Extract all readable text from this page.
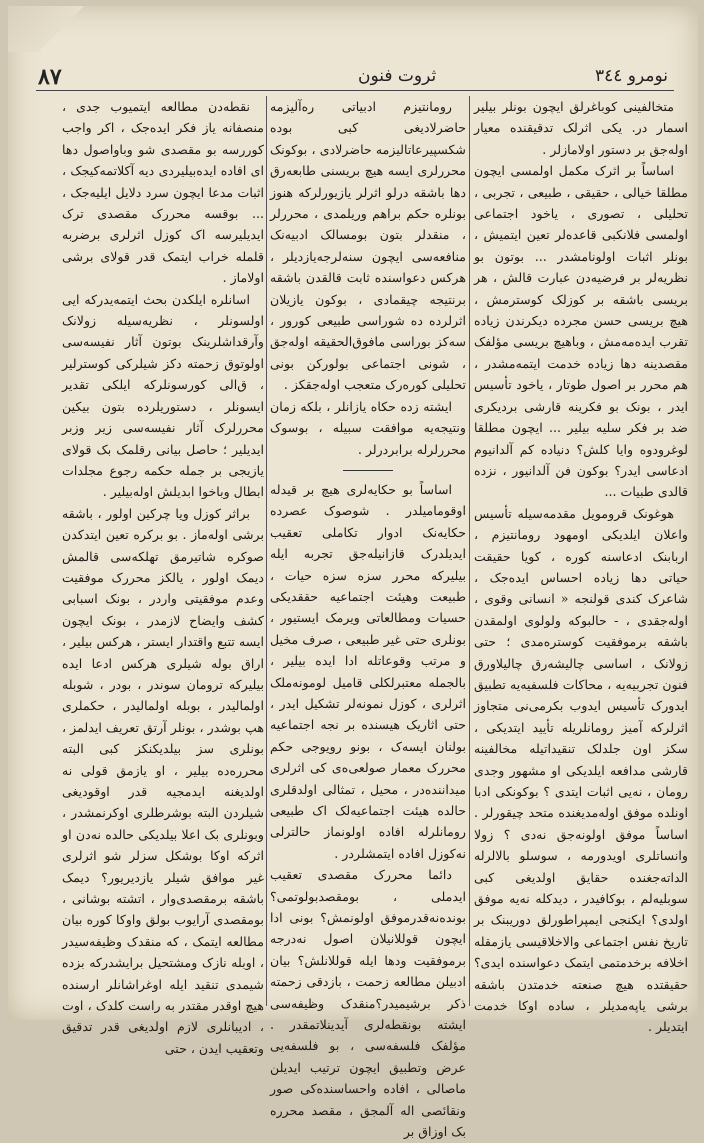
٨٧	ثروت فنون	نومرو ٣٤٤

متخالفینی کوباغرلق ایچون بونلر بیلیر اسمار در. یکی اثرلک تدقیقنده معیار اوله‌جق بر دستور اولامازلر .

اساساً بر اثرک مکمل اولمسی ایچون مطلقا خیالی ، حقیقی ، طبیعی ، تجربی ، تحلیلی ، تصوری ، یاخود اجتماعی اولمسی فلانکبی قاعده‌لر تعین ایتمیش ، بونلر اثبات اولونامشدر ... بوتون بو نظریه‌لر بر فرضیه‌دن عبارت قالش ، هر بریسی باشقه بر کوزلک کوسترمش ، هیچ بریسی حسن مجرده دیکرندن زیاده تقرب ایده‌مه‌مش ، وباهیچ بریسی مؤلفک مقصدینه دها زیاده خدمت ایتمه‌مشدر ، هم محرر بر اصول طوتار ، یاخود تأسیس ایدر ، بونک بو فکرینه قارشی بردیکری ضد بر فکر سلیه بیلیر ... ایچون مطلقا لوغرودوه وایا کلش؟ دنیاده کم آلدانیوم ادعاسی ایدر؟ بوکون فن آلدانیور ، نزده قالدی طبیات ...

هوغونک قرومویل مقدمه‌سیله تأسیس واعلان ایلدیکی اومهود رومانتیزم ، اربابنک ادعاسنه کوره ، کویا حقیقت حیاتی دها زیاده احساس ایده‌جک ، شاعرک کندی قولنجه « انسانی وقوی ، اوله‌جقدی ، - حالبوکه ولولوی اولمقدن باشقه برموفقیت کوستره‌مدی ؛ حتی زولانک ، اساسی چالیشه‌رق چالیلاورق فنون تجربیه‌یه ، محاکات فلسفیه‌یه تطبیق ایدورک تأسیس ایدوب بکرمی‌نی متجاوز اثرلرکه آمیز رومانلریله تأیید ایتدیکی ، سکز اون جلدلک تنقیداتیله مخالفینه قارشی مدافعه ایلدیکی او مشهور وجدی رومان ، نه‌یی اثبات ایتدی ؟ بوکونکی ادبا اونلده موفق اوله‌مدیغنده متحد چیقورلر . اساساً موفق اولونه‌جق نه‌دی ؟ زولا وانساتلری اویدورمه ، سوسلو بالالرله الداته‌جغنده حقایق اولدیغی کبی سوبلیه‌لم ، بوکافیدر ، دیدکله نه‌یه موفق اولدی؟ ایکنجی ایمپراطورلق دوریبنک بر تاریخ نفس اجتماعی والاخلاقیسی یازمقله اخلافه برخدمتمی ایتمک دعواسنده ایدی؟ حقیقتده هیچ صنعته خدمتدن باشقه برشی یاپه‌مدیلر ، ساده اوکا خدمت ایتدیلر .

رومانتیزم ادبیاتی رەآلیزمه حاضرلادیغی کبی بوده شکسپیرعاتالیزمه حاضرلادی ، بوکونک محررلری ایسه هیچ بریسنی طابعه‌رق دها باشقه درلو اثرلر یازیورلرکه هنوز بونلره حکم براهم وریلمدی ، محررلر ، منقدلر بتون بومسالک ادبیه‌نک منافعه‌سی ایچون سنه‌لرجه‌یازدیلر ، هرکس دعواسنده ثابت قالقدن باشقه برنتیجه چیقمادی ، بوکون یازیلان اثرلرده ده شوراسی طبیعی کورور ، سه‌کز بوراسی مافوق‌الحقیقه اوله‌جق ، شونی اجتماعی بولورکن بونی تحلیلی کوره‌رک متعجب اوله‌جقکز .

ایشته زده حکاه یازانلر ، بلکه زمان ونتیجه‌یه موافقت سبیله ، بوسوک محررلرله برابردرلر .

اساساً بو حکایه‌لری هیچ بر قیدله اوقومامیلدر . شوصوک عصرده حکایه‌نک ادوار تکاملی تعقیب ایدیلدرک قازانیله‌جق تجربه ایله بیلیرکه محرر سزه سزه حیات ، طبیعت وهیئت اجتماعیه حققدیکی حسیات ومطالعاتی ویرمک ایستیور ، بونلری حتی غیر طبیعی ، صرف مخیل و مرتب وقوعاتله ادا ایده بیلیر ، بالجمله معتبرلکلی قامیل لومونه‌ملک اثرلری ، کوزل نمونه‌لر تشکیل ایدر ، حتی اثاریک هیسنده بر نجه اجتماعیه بولنان ایسه‌ک ، بونو رویوجی حکم محررک معمار صولعی‌ه‌ی کی اثرلری میداننده‌در ، محیل ، تمثالی اولدقلری حالده هیئت اجتماعیه‌لک اک طبیعی رومانلرله افاده اولونماز حالترلی نه‌کوزل افاده ایتمشلردر .

دائما محررک مقصدی تعقیب ایدملی ، بومقصدبولوتمی؟ بونده‌نه‌قدرموفق اولونمش؟ بونی ادا ایچون قوللانیلان اصول نه‌درجه برموفقیت ودها ایله قوللانلش؟ بیان ادبیلن مطالعه زحمت ، بازدقی زحمته ذکر برشیمیدر؟منقدک وظیفه‌سی ایشته بونقطه‌لری آیدینلاتمقدر . مؤلفک فلسفه‌سی ، بو فلسفه‌یی عرض وتطبیق ایچون ترتیب ایدیلن ماصالی ، افاده واحساسنده‌کی صور ونقائصی اله آلمجق ، مقصد محرره بک اوزاق بر

نقطه‌دن مطالعه ایتمیوب جدی ، منصفانه یاز فکر ایده‌جک ، اکر واجب کوررسه بو مقصدی شو وباواصول دها ای افاده ایده‌بیلیردی دیه آکلاتمه‌کیجک ، اثبات مدعا ایچون سرد دلایل ایلیه‌جک ، ... بوقسه محررک مقصدی ترک ایدیلیرسه اک کوزل اثرلری برضربه قلمله خراب ایتمک قدر قولای برشی اولاماز .

اسانلره ایلکدن بحث ایتمه‌یدرکه ایی اولسونلر ، نظریه‌سیله زولانک وآرقداشلرینک بوتون آثار نفیسه‌سی اولوتوق زحمته دکز شیلرکی کوسترلیر ، ق‌الی کورسونلرکه ایلکی تقدیر ایسونلر ، دستوریلرده بتون بیکین محررلرک آثار نفیسه‌سی زیر وزبر ایدیلیر ؛ حاصل بیانی رقلمک بک قولای یازیجی بر جمله حکمه رجوع مجلدات ابطال وباخوا ابدیلش اوله‌بیلیر .

براثر کوزل ویا چرکین اولور ، باشقه برشی اوله‌ماز . بو برکره تعین ایتدکدن صوکره شاتیرمق تهلکه‌سی قالمش دیمک اولور ، یالکز محررک موفقیت وعدم موفقیتی واردر ، بونک اسبابی کشف وایضاح لازمدر ، بونک ایچون ایسه تتبع واقتدار ایستر ، هرکس بیلیر ، اراق بوله شیلری هرکس ادعا ایده بیلیرکه ترومان سوندر ، بودر ، شوبله اولمالیدر ، بوبله اولمالیدر ، حکملری هپ بوشدر ، بونلر آرتق تعریف ایدلمز ، بونلری سز بیلدیکنکز کبی البته محرره‌ده بیلیر ، او یازمق قولی نه اولدیغنه ایدمجیه قدر اوقودیغی شیلردن البته بوشرطلری اوکرنمشدر ، وبونلری بک اعلا بیلدیکی حالده نه‌دن او اثرکه اوکا بوشکل سزلر شو اثرلری غیر موافق شیلر یازدیریور؟ دیمک باشقه برمقصدی‌وار ، اتشته بوشانی ، بومقصدی آرایوب بولق واوکا کوره بیان مطالعه ایتمک ، که منقدک وظیفه‌سیدر ، اوبله نازک ومشتحیل برایشدرکه بزده شیمدی تنقید ایله اوغراشانلر ارسنده هیچ اوقدر مقتدر به راست کلدک ، اوت ، ادیبانلری لازم اولدیغی قدر تدقیق وتعقیب ایدن ، حتی
